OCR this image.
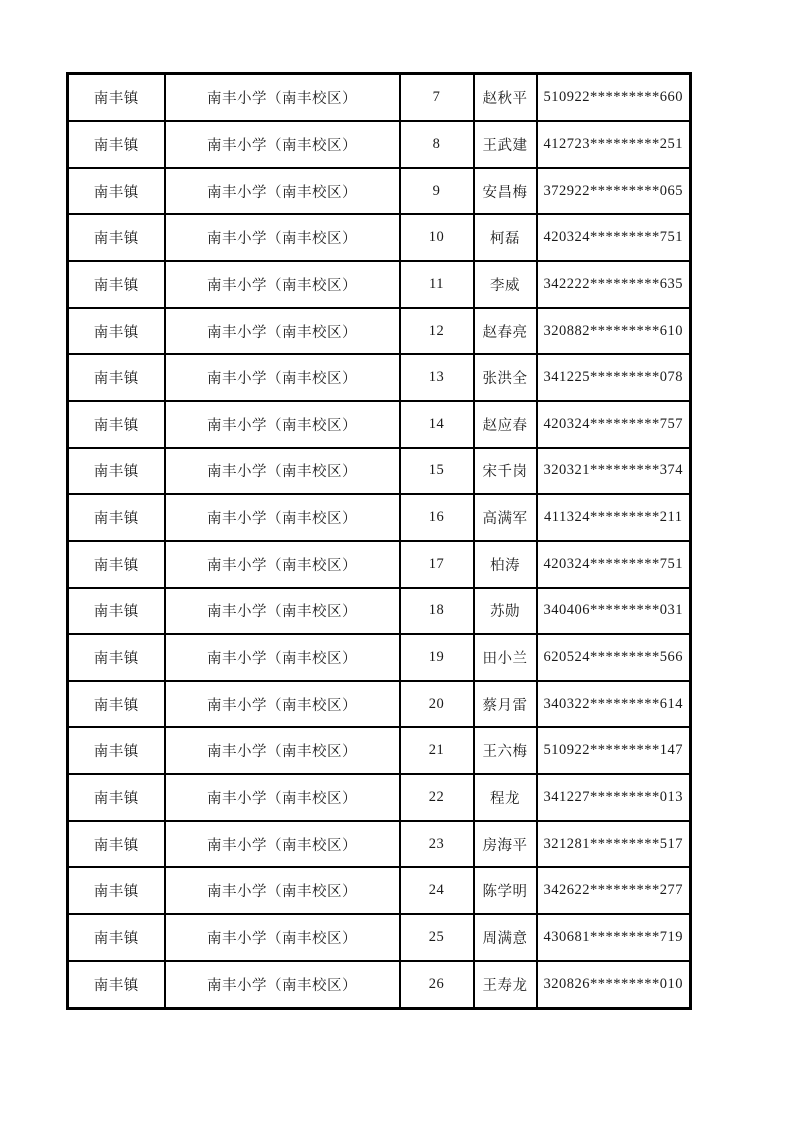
南丰镇	南丰小学（南丰校区）	7	赵秋平	510922*********660
南丰镇	南丰小学（南丰校区）	8	王武建	412723*********251
南丰镇	南丰小学（南丰校区）	9	安昌梅	372922*********065
南丰镇	南丰小学（南丰校区）	10	柯磊	420324*********751
南丰镇	南丰小学（南丰校区）	11	李威	342222*********635
南丰镇	南丰小学（南丰校区）	12	赵春亮	320882*********610
南丰镇	南丰小学（南丰校区）	13	张洪全	341225*********078
南丰镇	南丰小学（南丰校区）	14	赵应春	420324*********757
南丰镇	南丰小学（南丰校区）	15	宋千岗	320321*********374
南丰镇	南丰小学（南丰校区）	16	高满军	411324*********211
南丰镇	南丰小学（南丰校区）	17	柏涛	420324*********751
南丰镇	南丰小学（南丰校区）	18	苏勋	340406*********031
南丰镇	南丰小学（南丰校区）	19	田小兰	620524*********566
南丰镇	南丰小学（南丰校区）	20	蔡月雷	340322*********614
南丰镇	南丰小学（南丰校区）	21	王六梅	510922*********147
南丰镇	南丰小学（南丰校区）	22	程龙	341227*********013
南丰镇	南丰小学（南丰校区）	23	房海平	321281*********517
南丰镇	南丰小学（南丰校区）	24	陈学明	342622*********277
南丰镇	南丰小学（南丰校区）	25	周满意	430681*********719
南丰镇	南丰小学（南丰校区）	26	王寿龙	320826*********010
